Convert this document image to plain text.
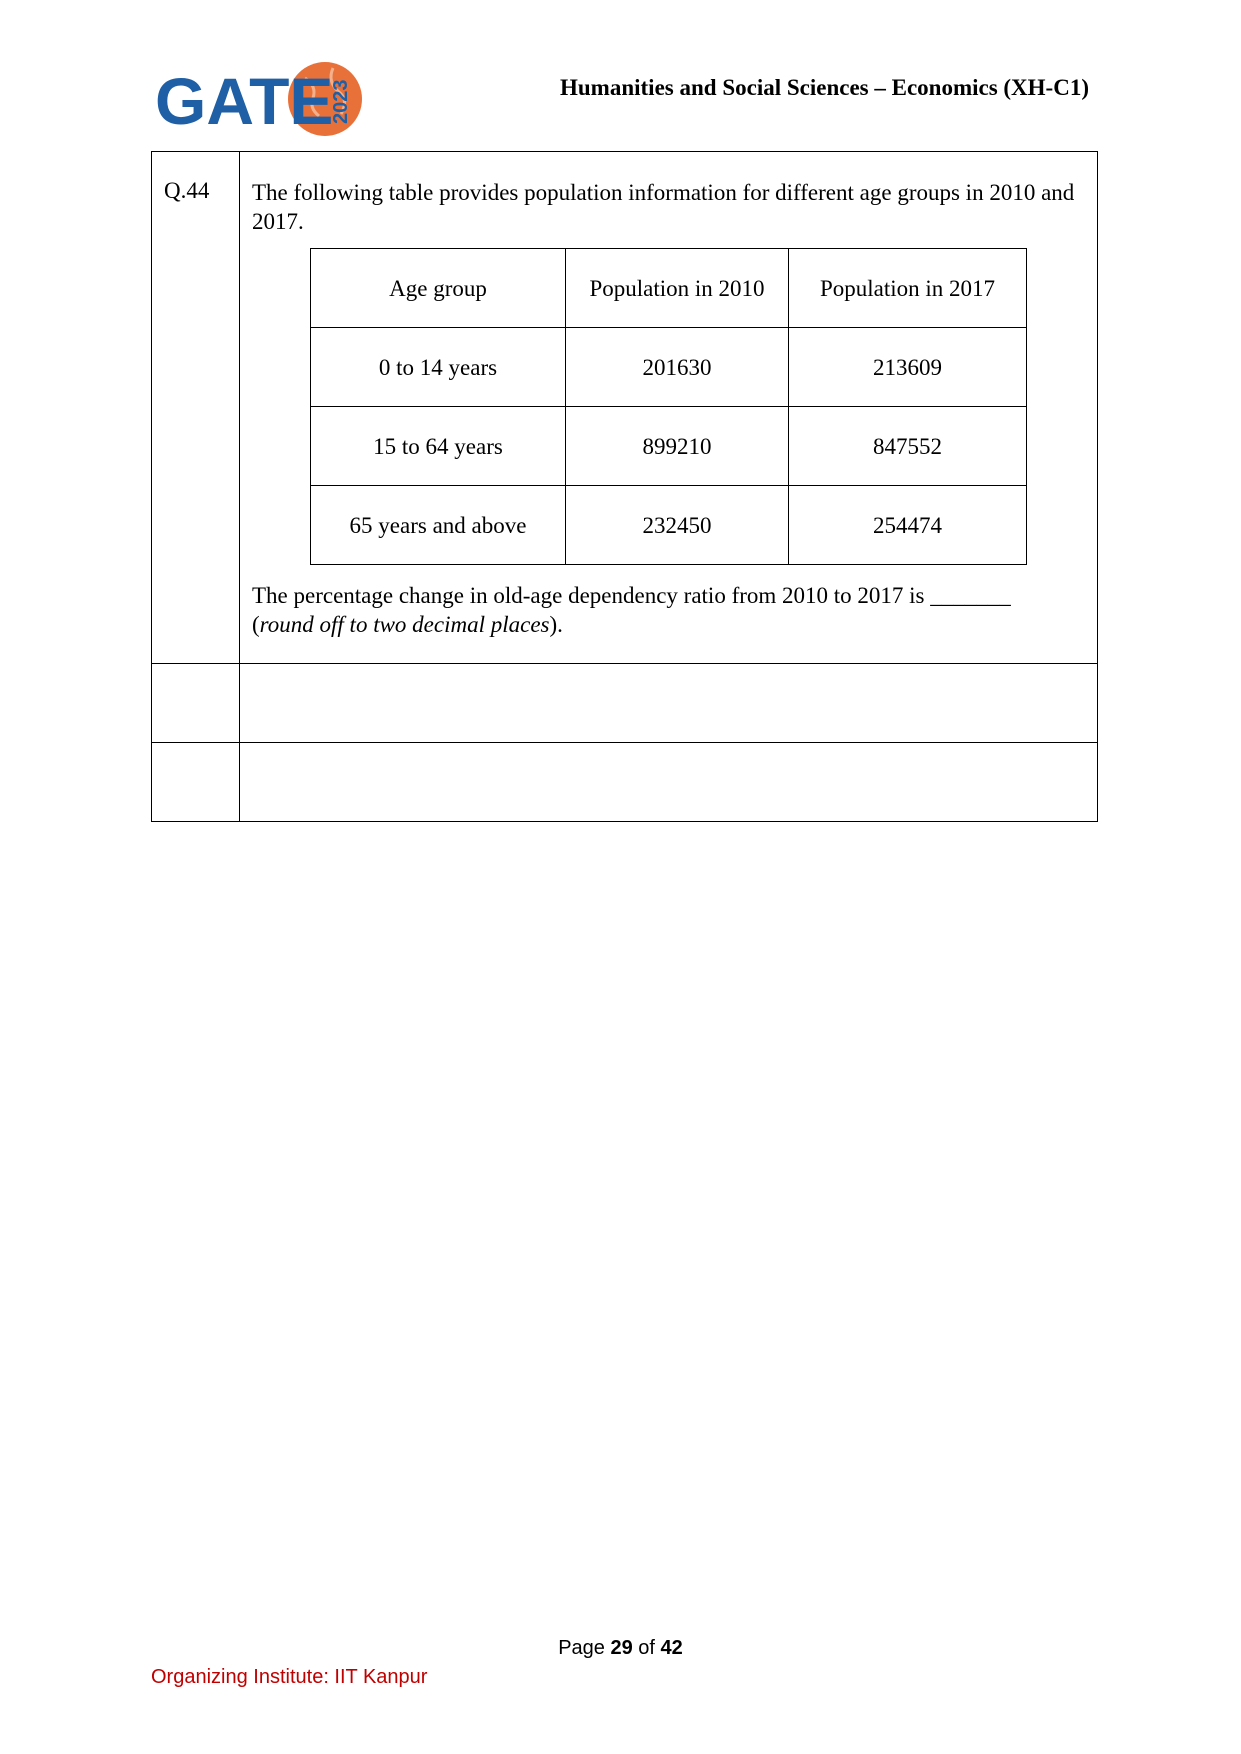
GATE
2023	Humanities and Social Sciences – Economics (XH-C1)
Q.44	The following table provides population information for different age groups in 2010 and 2017.
Age group	Population in 2010	Population in 2017
0 to 14 years	201630	213609
15 to 64 years	899210	847552
65 years and above	232450	254474
The percentage change in old-age dependency ratio from 2010 to 2017 is _______
(round off to two decimal places).

Page 29 of 42
Organizing Institute: IIT Kanpur
